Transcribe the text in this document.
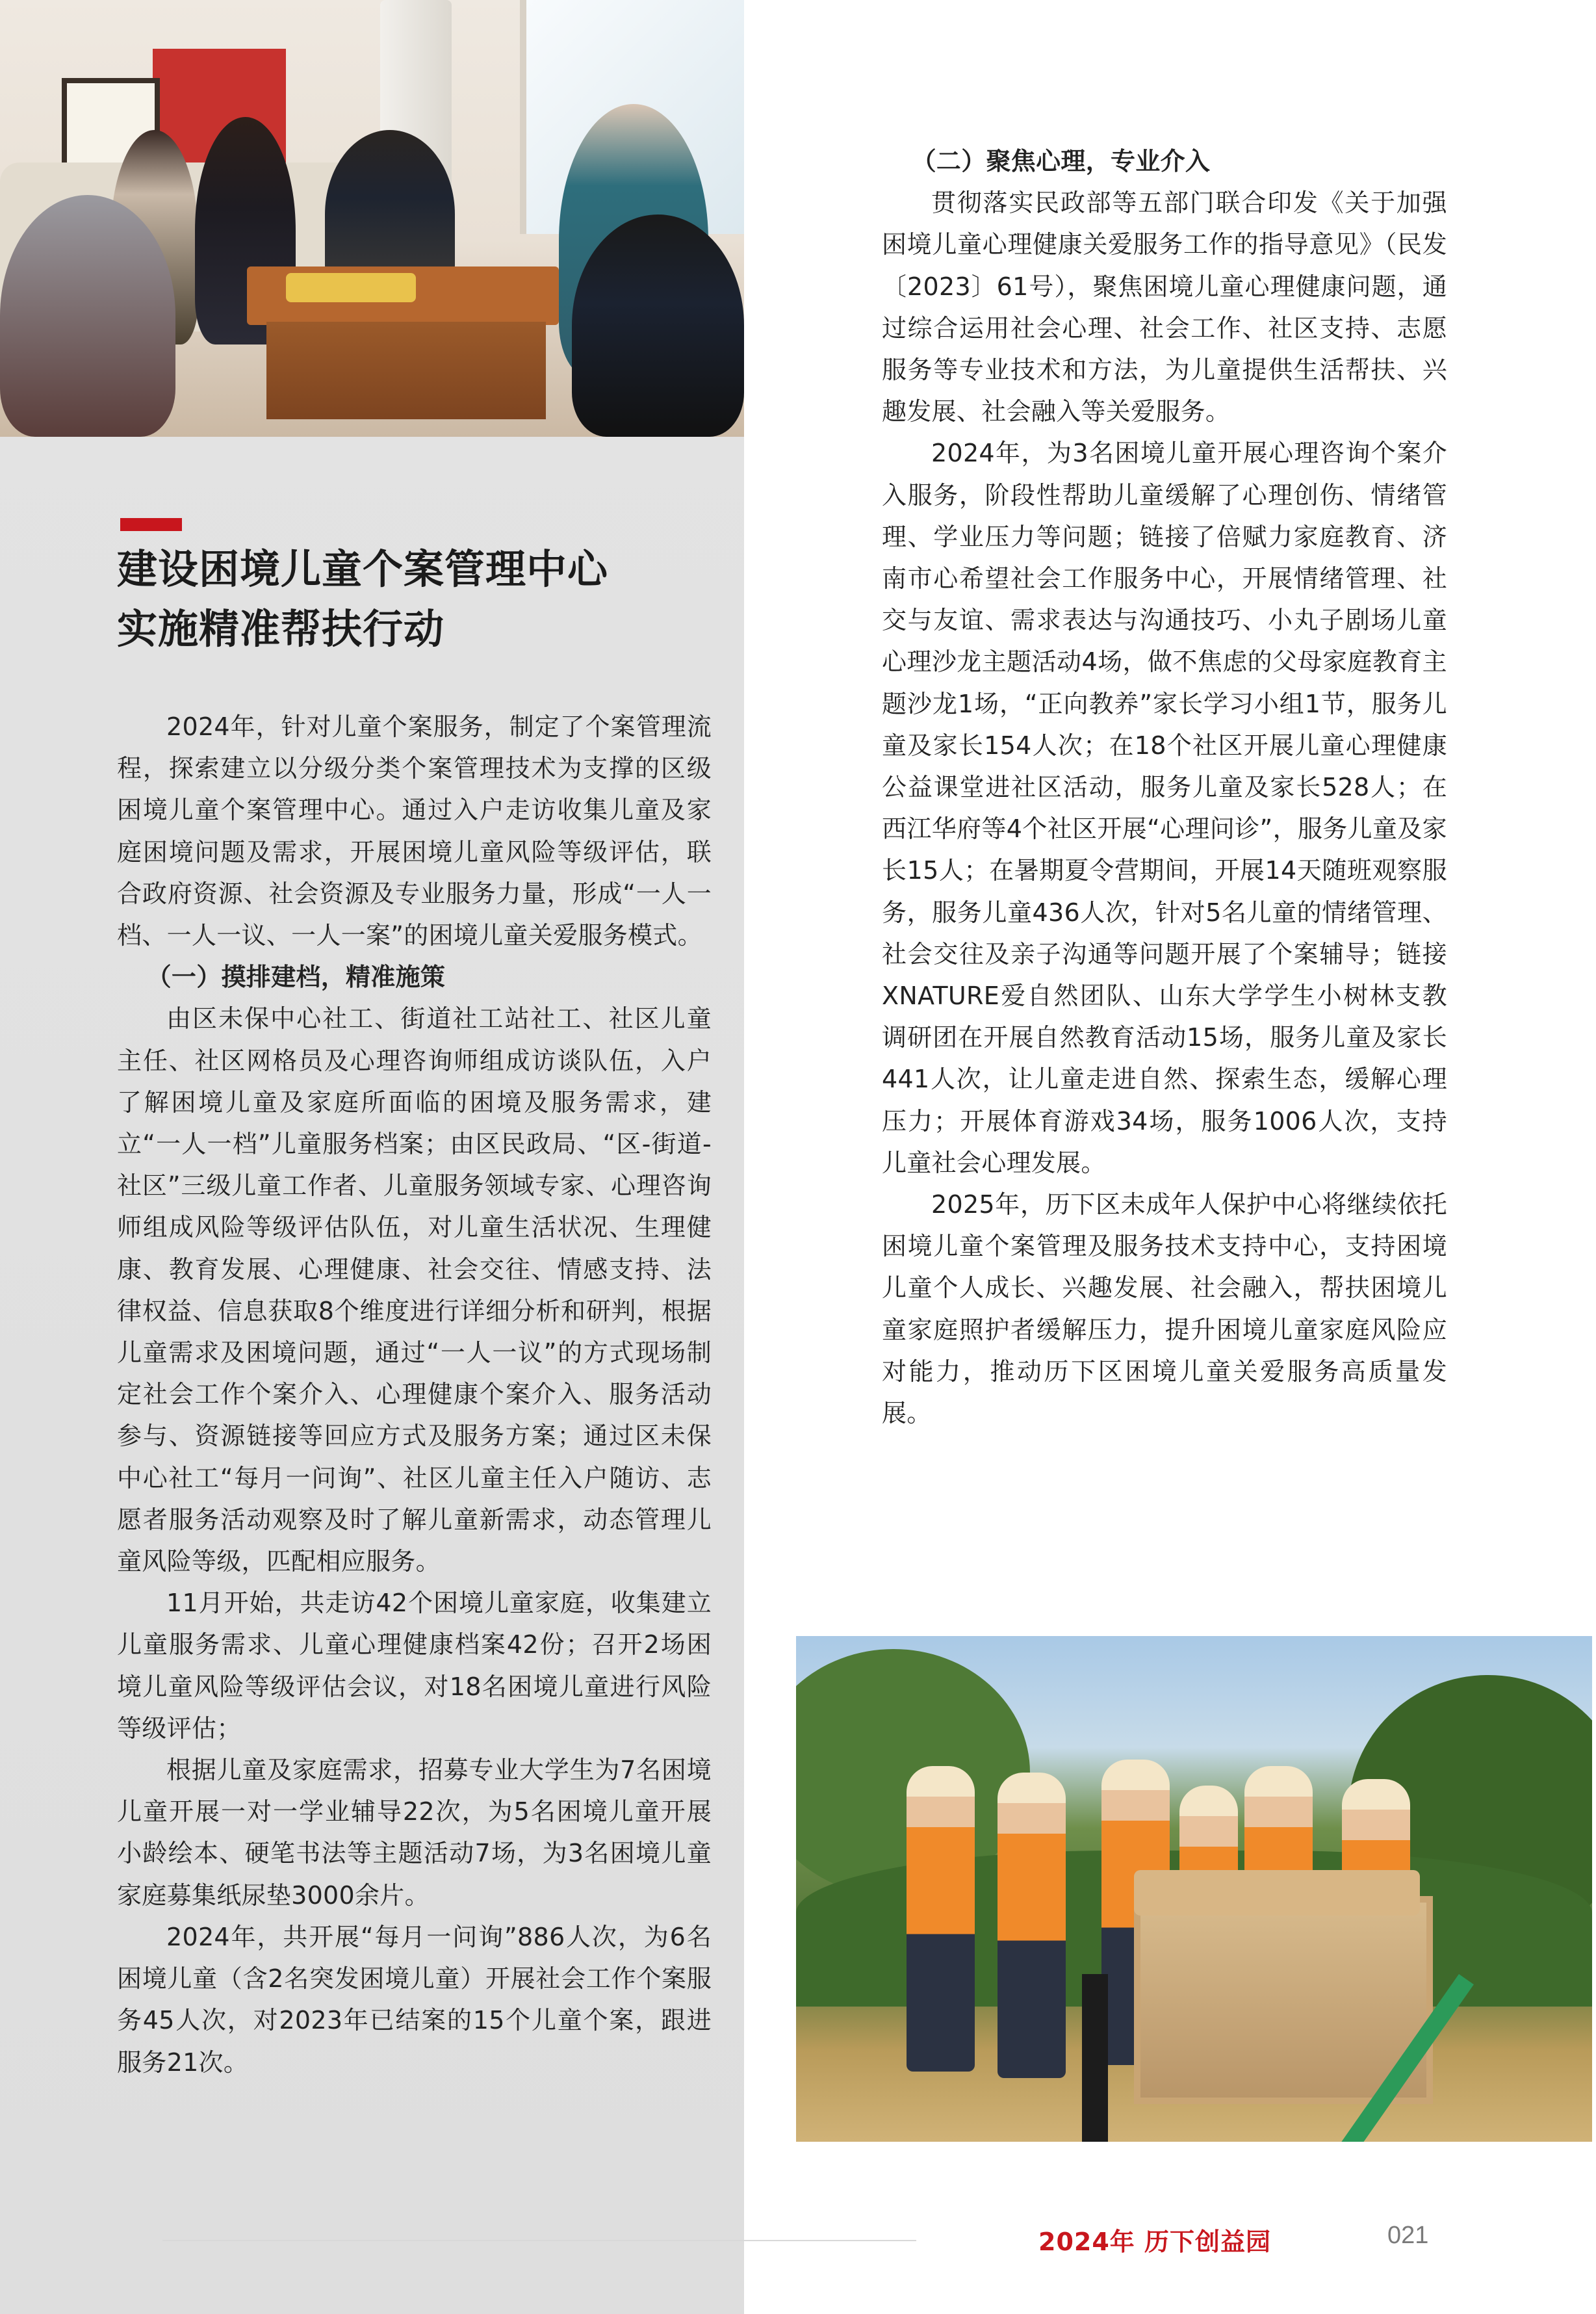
建设困境儿童个案管理中心
实施精准帮扶行动

2024年，针对儿童个案服务，制定了个案管理流程，探索建立以分级分类个案管理技术为支撑的区级困境儿童个案管理中心。通过入户走访收集儿童及家庭困境问题及需求，开展困境儿童风险等级评估，联合政府资源、社会资源及专业服务力量，形成“一人一档、一人一议、一人一案”的困境儿童关爱服务模式。

（一）摸排建档，精准施策

由区未保中心社工、街道社工站社工、社区儿童主任、社区网格员及心理咨询师组成访谈队伍，入户了解困境儿童及家庭所面临的困境及服务需求，建立“一人一档”儿童服务档案；由区民政局、“区-街道-社区”三级儿童工作者、儿童服务领域专家、心理咨询师组成风险等级评估队伍，对儿童生活状况、生理健康、教育发展、心理健康、社会交往、情感支持、法律权益、信息获取8个维度进行详细分析和研判，根据儿童需求及困境问题，通过“一人一议”的方式现场制定社会工作个案介入、心理健康个案介入、服务活动参与、资源链接等回应方式及服务方案；通过区未保中心社工“每月一问询”、社区儿童主任入户随访、志愿者服务活动观察及时了解儿童新需求，动态管理儿童风险等级，匹配相应服务。

11月开始，共走访42个困境儿童家庭，收集建立儿童服务需求、儿童心理健康档案42份；召开2场困境儿童风险等级评估会议，对18名困境儿童进行风险等级评估；

根据儿童及家庭需求，招募专业大学生为7名困境儿童开展一对一学业辅导22次，为5名困境儿童开展小龄绘本、硬笔书法等主题活动7场，为3名困境儿童家庭募集纸尿垫3000余片。

2024年，共开展“每月一问询”886人次，为6名困境儿童（含2名突发困境儿童）开展社会工作个案服务45人次，对2023年已结案的15个儿童个案，跟进服务21次。

（二）聚焦心理，专业介入

贯彻落实民政部等五部门联合印发《关于加强困境儿童心理健康关爱服务工作的指导意见》（民发〔2023〕61号），聚焦困境儿童心理健康问题，通过综合运用社会心理、社会工作、社区支持、志愿服务等专业技术和方法，为儿童提供生活帮扶、兴趣发展、社会融入等关爱服务。

2024年，为3名困境儿童开展心理咨询个案介入服务，阶段性帮助儿童缓解了心理创伤、情绪管理、学业压力等问题；链接了倍赋力家庭教育、济南市心希望社会工作服务中心，开展情绪管理、社交与友谊、需求表达与沟通技巧、小丸子剧场儿童心理沙龙主题活动4场，做不焦虑的父母家庭教育主题沙龙1场，“正向教养”家长学习小组1节，服务儿童及家长154人次；在18个社区开展儿童心理健康公益课堂进社区活动，服务儿童及家长528人；在西江华府等4个社区开展“心理问诊”，服务儿童及家长15人；在暑期夏令营期间，开展14天随班观察服务，服务儿童436人次，针对5名儿童的情绪管理、社会交往及亲子沟通等问题开展了个案辅导；链接XNATURE爱自然团队、山东大学学生小树林支教调研团在开展自然教育活动15场，服务儿童及家长441人次，让儿童走进自然、探索生态，缓解心理压力；开展体育游戏34场，服务1006人次，支持儿童社会心理发展。

2025年，历下区未成年人保护中心将继续依托困境儿童个案管理及服务技术支持中心，支持困境儿童个人成长、兴趣发展、社会融入，帮扶困境儿童家庭照护者缓解压力，提升困境儿童家庭风险应对能力，推动历下区困境儿童关爱服务高质量发展。

2024年 历下创益园	021
